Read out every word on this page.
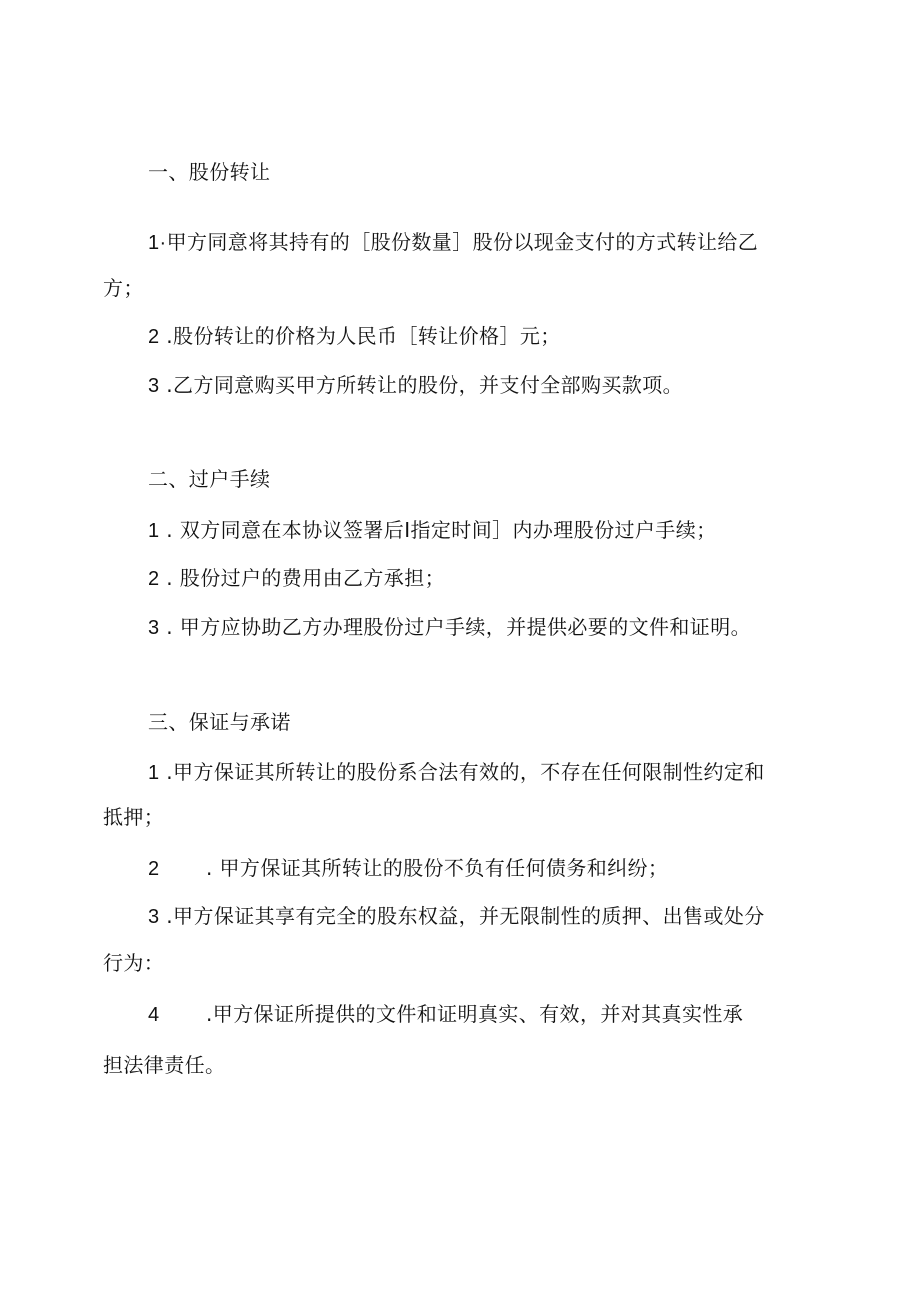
一、股份转让
1·甲方同意将其持有的［股份数量］股份以现金支付的方式转让给乙
方；
2 .股份转让的价格为人民币［转让价格］元；
3 .乙方同意购买甲方所转让的股份，并支付全部购买款项。
二、过户手续
1 . 双方同意在本协议签署后I指定时间］内办理股份过户手续；
2 . 股份过户的费用由乙方承担；
3 . 甲方应协助乙方办理股份过户手续，并提供必要的文件和证明。
三、保证与承诺
1 .甲方保证其所转让的股份系合法有效的，不存在任何限制性约定和
抵押；
2 . 甲方保证其所转让的股份不负有任何债务和纠纷；
3 .甲方保证其享有完全的股东权益，并无限制性的质押、出售或处分
行为：
4 .甲方保证所提供的文件和证明真实、有效，并对其真实性承
担法律责任。
